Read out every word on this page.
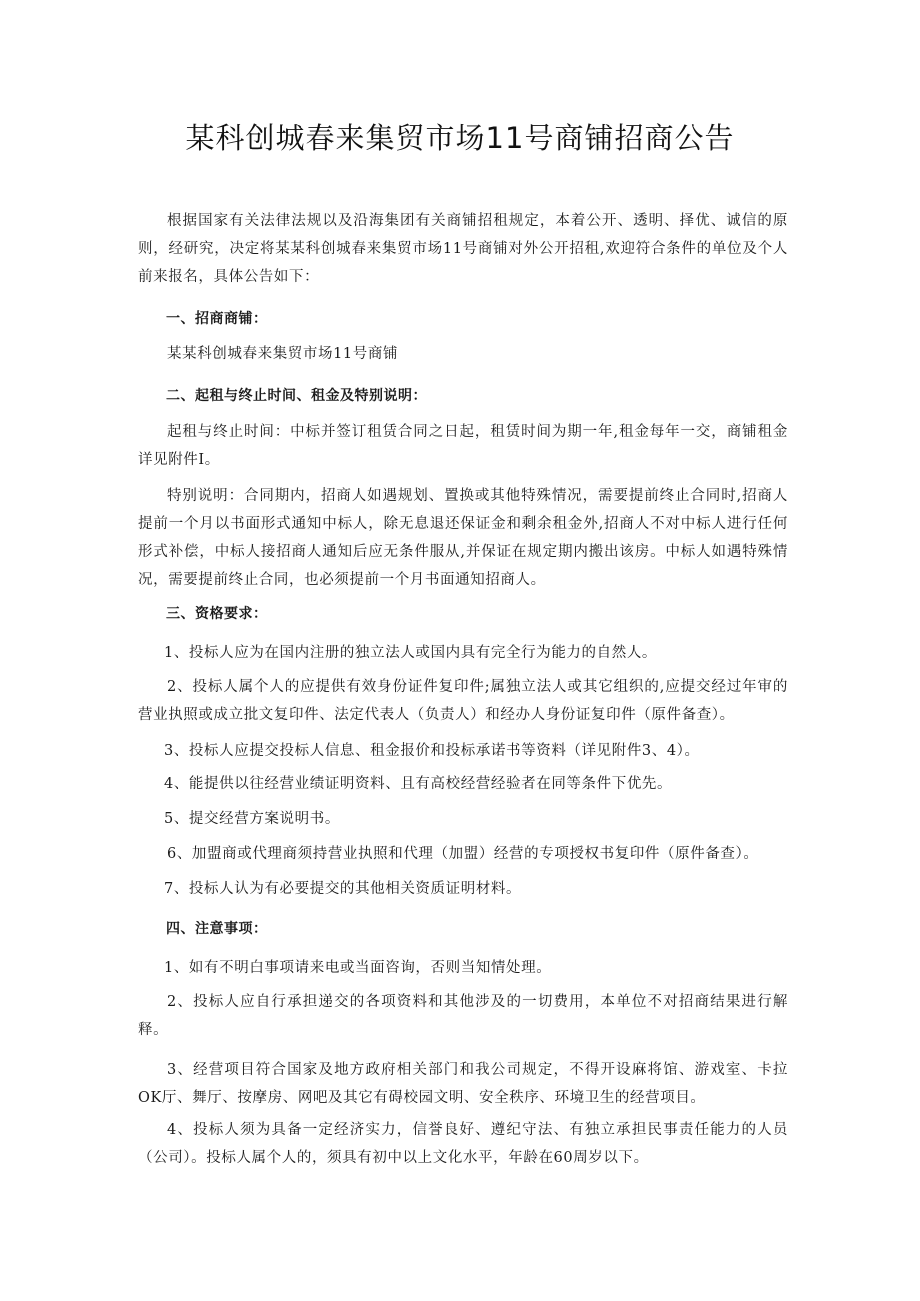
某科创城春来集贸市场11号商铺招商公告

根据国家有关法律法规以及沿海集团有关商铺招租规定，本着公开、透明、择优、诚信的原则，经研究，决定将某某科创城春来集贸市场11号商铺对外公开招租,欢迎符合条件的单位及个人前来报名，具体公告如下：

一、招商商铺：

某某科创城春来集贸市场11号商铺

二、起租与终止时间、租金及特别说明：

起租与终止时间：中标并签订租赁合同之日起，租赁时间为期一年,租金每年一交，商铺租金详见附件I。

特别说明：合同期内，招商人如遇规划、置换或其他特殊情况，需要提前终止合同时,招商人提前一个月以书面形式通知中标人，除无息退还保证金和剩余租金外,招商人不对中标人进行任何形式补偿，中标人接招商人通知后应无条件服从,并保证在规定期内搬出该房。中标人如遇特殊情况，需要提前终止合同，也必须提前一个月书面通知招商人。

三、资格要求：

1、投标人应为在国内注册的独立法人或国内具有完全行为能力的自然人。

2、投标人属个人的应提供有效身份证件复印件;属独立法人或其它组织的,应提交经过年审的营业执照或成立批文复印件、法定代表人（负责人）和经办人身份证复印件（原件备查）。

3、投标人应提交投标人信息、租金报价和投标承诺书等资料（详见附件3、4）。

4、能提供以往经营业绩证明资料、且有高校经营经验者在同等条件下优先。

5、提交经营方案说明书。

6、加盟商或代理商须持营业执照和代理（加盟）经营的专项授权书复印件（原件备查）。

7、投标人认为有必要提交的其他相关资质证明材料。

四、注意事项：

1、如有不明白事项请来电或当面咨询，否则当知情处理。

2、投标人应自行承担递交的各项资料和其他涉及的一切费用，本单位不对招商结果进行解释。

3、经营项目符合国家及地方政府相关部门和我公司规定，不得开设麻将馆、游戏室、卡拉OK厅、舞厅、按摩房、网吧及其它有碍校园文明、安全秩序、环境卫生的经营项目。

4、投标人须为具备一定经济实力，信誉良好、遵纪守法、有独立承担民事责任能力的人员（公司）。投标人属个人的，须具有初中以上文化水平，年龄在60周岁以下。
